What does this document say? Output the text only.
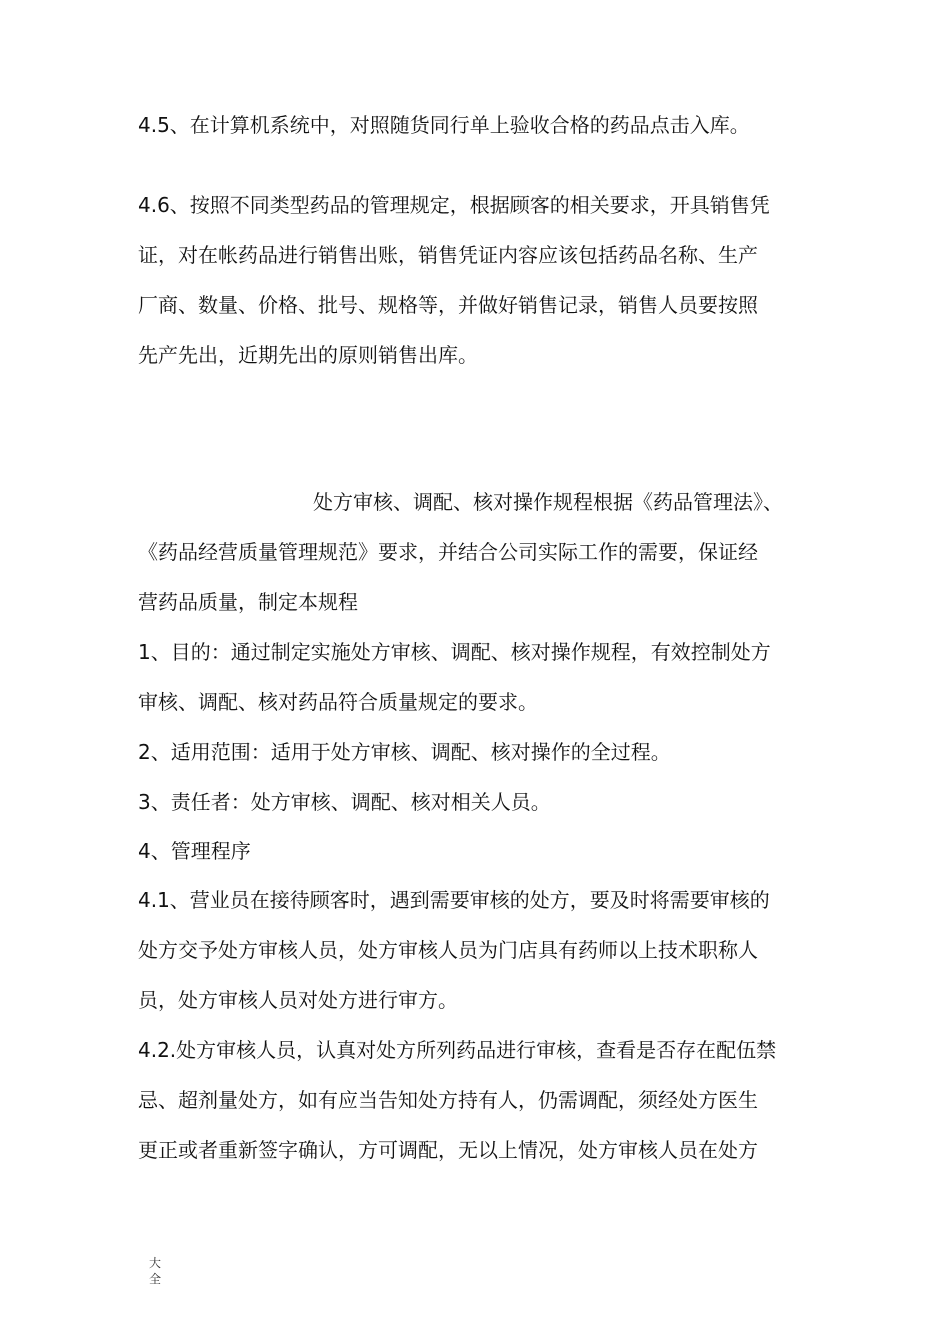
4.5、在计算机系统中，对照随货同行单上验收合格的药品点击入库。
4.6、按照不同类型药品的管理规定，根据顾客的相关要求，开具销售凭
证，对在帐药品进行销售出账，销售凭证内容应该包括药品名称、生产
厂商、数量、价格、批号、规格等，并做好销售记录，销售人员要按照
先产先出，近期先出的原则销售出库。
处方审核、调配、核对操作规程根据《药品管理法》、
《药品经营质量管理规范》要求，并结合公司实际工作的需要，保证经
营药品质量，制定本规程
1、目的：通过制定实施处方审核、调配、核对操作规程，有效控制处方
审核、调配、核对药品符合质量规定的要求。
2、适用范围：适用于处方审核、调配、核对操作的全过程。
3、责任者：处方审核、调配、核对相关人员。
4、管理程序
4.1、营业员在接待顾客时，遇到需要审核的处方，要及时将需要审核的
处方交予处方审核人员，处方审核人员为门店具有药师以上技术职称人
员，处方审核人员对处方进行审方。
4.2.处方审核人员，认真对处方所列药品进行审核，查看是否存在配伍禁
忌、超剂量处方，如有应当告知处方持有人，仍需调配，须经处方医生
更正或者重新签字确认，方可调配，无以上情况，处方审核人员在处方
大
全
